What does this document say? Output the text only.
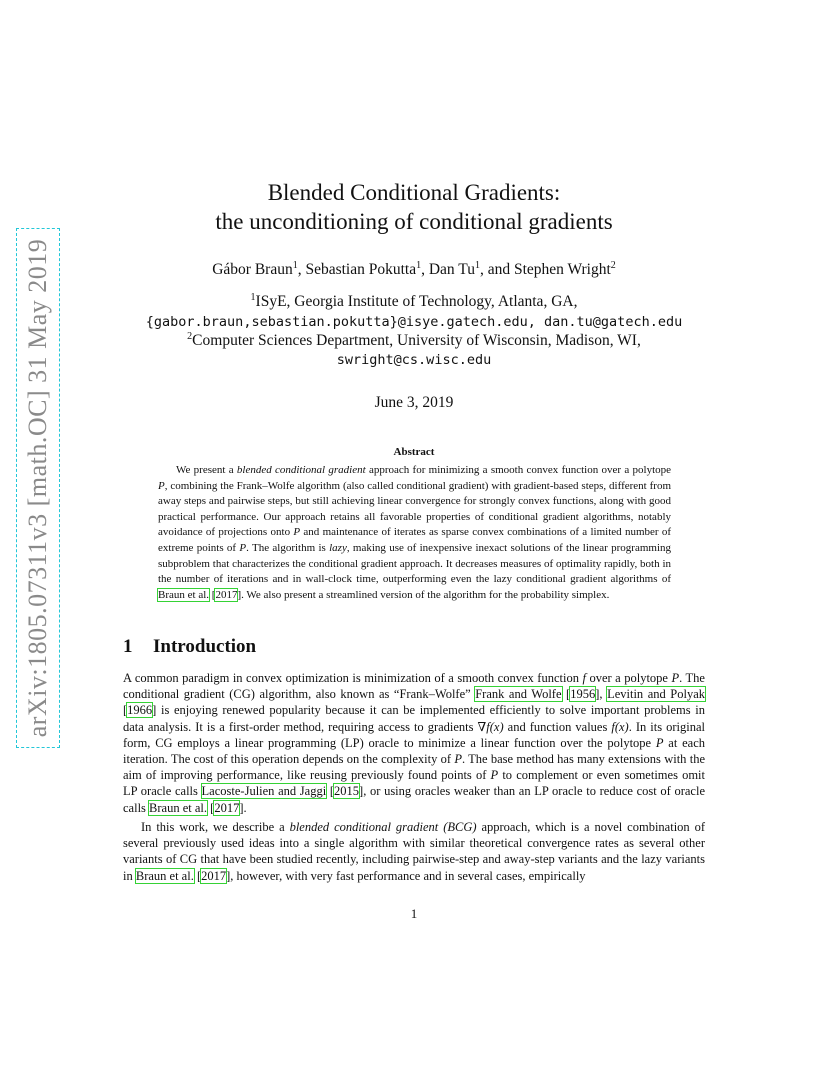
arXiv:1805.07311v3 [math.OC] 31 May 2019
Blended Conditional Gradients:
the unconditioning of conditional gradients
Gábor Braun$^1$, Sebastian Pokutta$^1$, Dan Tu$^1$, and Stephen Wright$^2$
$^1$ISyE, Georgia Institute of Technology, Atlanta, GA,
{gabor.braun,sebastian.pokutta}@isye.gatech.edu, dan.tu@gatech.edu
$^2$Computer Sciences Department, University of Wisconsin, Madison, WI,
swright@cs.wisc.edu
June 3, 2019
Abstract

We present a blended conditional gradient approach for minimizing a smooth convex function over a polytope P, combining the Frank–Wolfe algorithm (also called conditional gradient) with gradient-based steps, different from away steps and pairwise steps, but still achieving linear convergence for strongly convex functions, along with good practical performance. Our approach retains all favorable properties of conditional gradient algorithms, notably avoidance of projections onto P and maintenance of iterates as sparse convex combinations of a limited number of extreme points of P. The algorithm is lazy, making use of inexpensive inexact solutions of the linear programming subproblem that characterizes the conditional gradient approach. It decreases measures of optimality rapidly, both in the number of iterations and in wall-clock time, outperforming even the lazy conditional gradient algorithms of Braun et al. [2017]. We also present a streamlined version of the algorithm for the probability simplex.

1 Introduction

A common paradigm in convex optimization is minimization of a smooth convex function f over a polytope P. The conditional gradient (CG) algorithm, also known as “Frank–Wolfe” Frank and Wolfe [1956], Levitin and Polyak [1966] is enjoying renewed popularity because it can be implemented efficiently to solve important problems in data analysis. It is a first-order method, requiring access to gradients ∇f(x) and function values f(x). In its original form, CG employs a linear programming (LP) oracle to minimize a linear function over the polytope P at each iteration. The cost of this operation depends on the complexity of P. The base method has many extensions with the aim of improving performance, like reusing previously found points of P to complement or even sometimes omit LP oracle calls Lacoste-Julien and Jaggi [2015], or using oracles weaker than an LP oracle to reduce cost of oracle calls Braun et al. [2017].

In this work, we describe a blended conditional gradient (BCG) approach, which is a novel combination of several previously used ideas into a single algorithm with similar theoretical convergence rates as several other variants of CG that have been studied recently, including pairwise-step and away-step variants and the lazy variants in Braun et al. [2017], however, with very fast performance and in several cases, empirically

1
